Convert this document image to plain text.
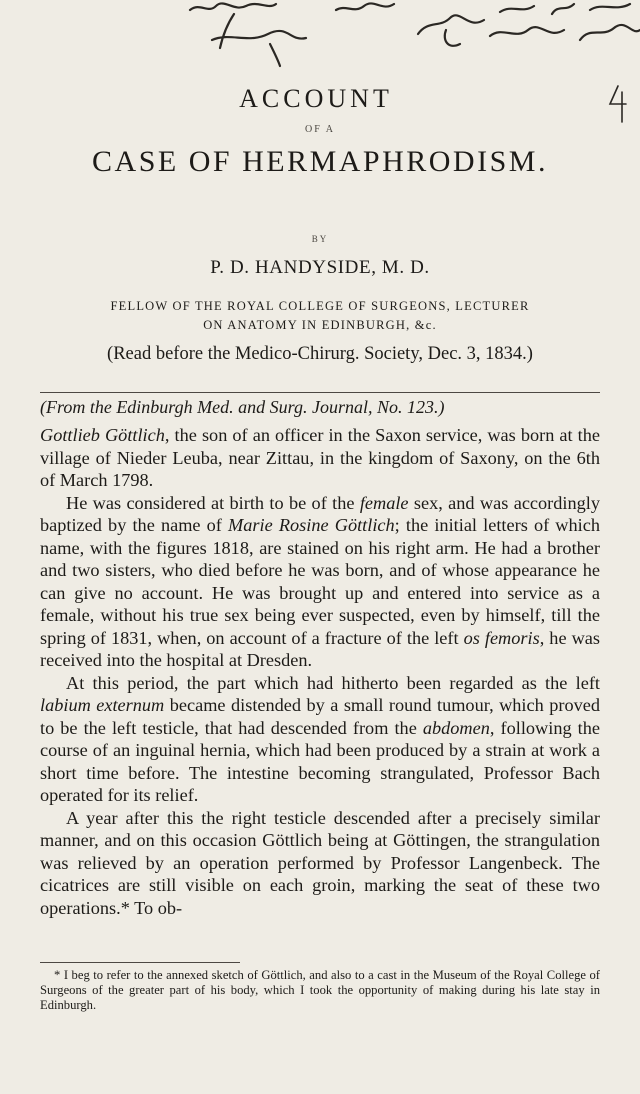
ACCOUNT
OF A
CASE OF HERMAPHRODISM.
BY
P. D. HANDYSIDE, M. D.
FELLOW OF THE ROYAL COLLEGE OF SURGEONS, LECTURER
ON ANATOMY IN EDINBURGH, &c.
(Read before the Medico-Chirurg. Society, Dec. 3, 1834.)
(From the Edinburgh Med. and Surg. Journal, No. 123.)

Gottlieb Göttlich, the son of an officer in the Saxon service, was born at the village of Nieder Leuba, near Zittau, in the kingdom of Saxony, on the 6th of March 1798.

He was considered at birth to be of the female sex, and was accordingly baptized by the name of Marie Rosine Göttlich; the initial letters of which name, with the figures 1818, are stained on his right arm. He had a brother and two sisters, who died before he was born, and of whose appearance he can give no account. He was brought up and entered into service as a female, without his true sex being ever suspected, even by himself, till the spring of 1831, when, on account of a fracture of the left os femoris, he was received into the hospital at Dresden.

At this period, the part which had hitherto been regarded as the left labium externum became distended by a small round tumour, which proved to be the left testicle, that had descended from the abdomen, following the course of an inguinal hernia, which had been produced by a strain at work a short time before. The intestine becoming strangulated, Professor Bach operated for its relief.

A year after this the right testicle descended after a precisely similar manner, and on this occasion Göttlich being at Göttingen, the strangulation was relieved by an operation performed by Professor Langenbeck. The cicatrices are still visible on each groin, marking the seat of these two operations.* To ob-

* I beg to refer to the annexed sketch of Göttlich, and also to a cast in the Museum of the Royal College of Surgeons of the greater part of his body, which I took the opportunity of making during his late stay in Edinburgh.
